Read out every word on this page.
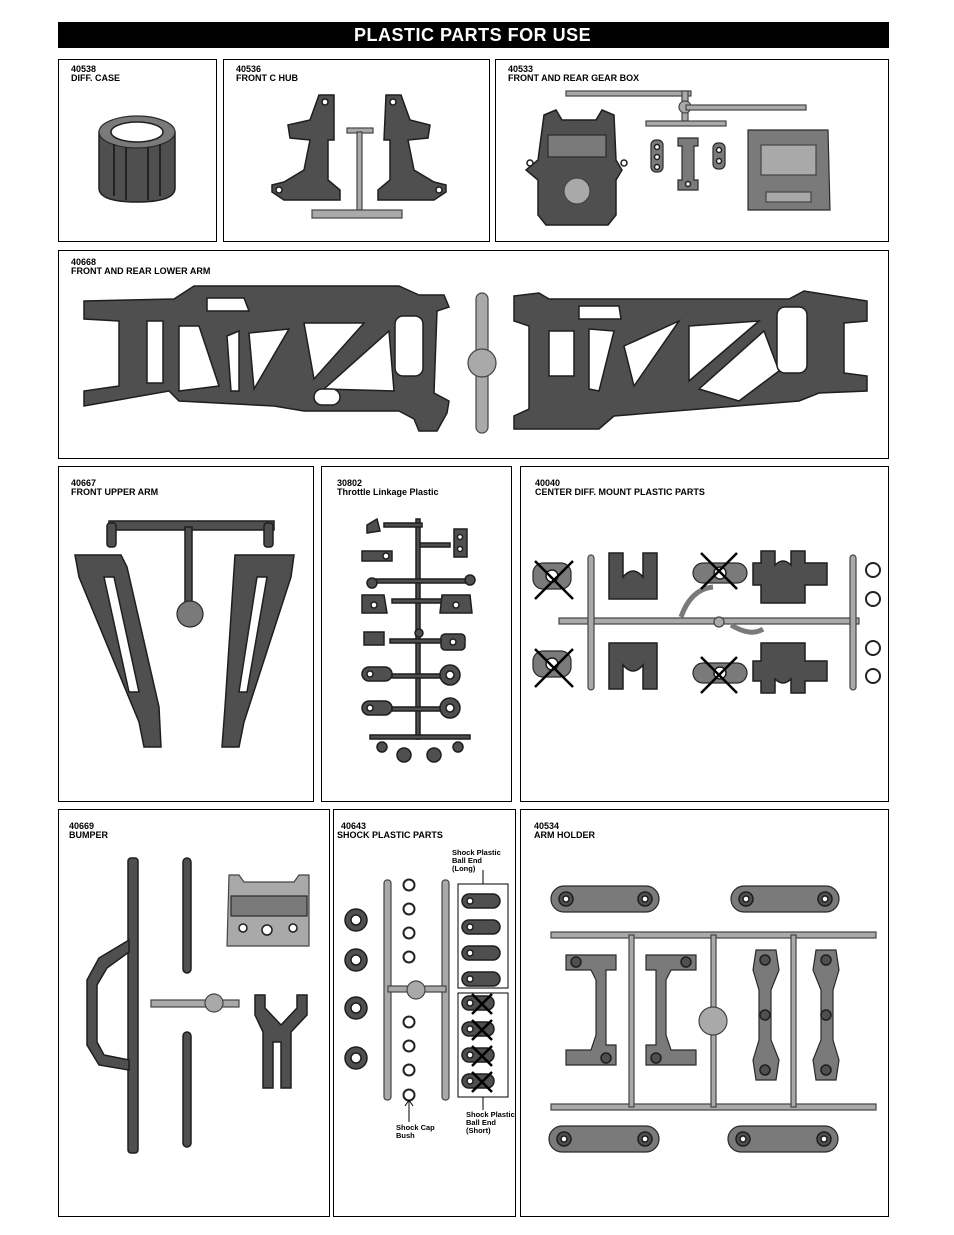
PLASTIC PARTS FOR USE
40538
DIFF. CASE
40536
FRONT C HUB
40533
FRONT AND REAR GEAR BOX
40668
FRONT AND REAR LOWER ARM
40667
FRONT UPPER ARM
30802
Throttle Linkage Plastic
40040
CENTER DIFF. MOUNT PLASTIC PARTS
40669
BUMPER
40643
SHOCK PLASTIC PARTS
Shock Plastic
Ball End
(Long)
Shock Plastic
Ball End
(Short)
Shock Cap
Bush
40534
ARM HOLDER
